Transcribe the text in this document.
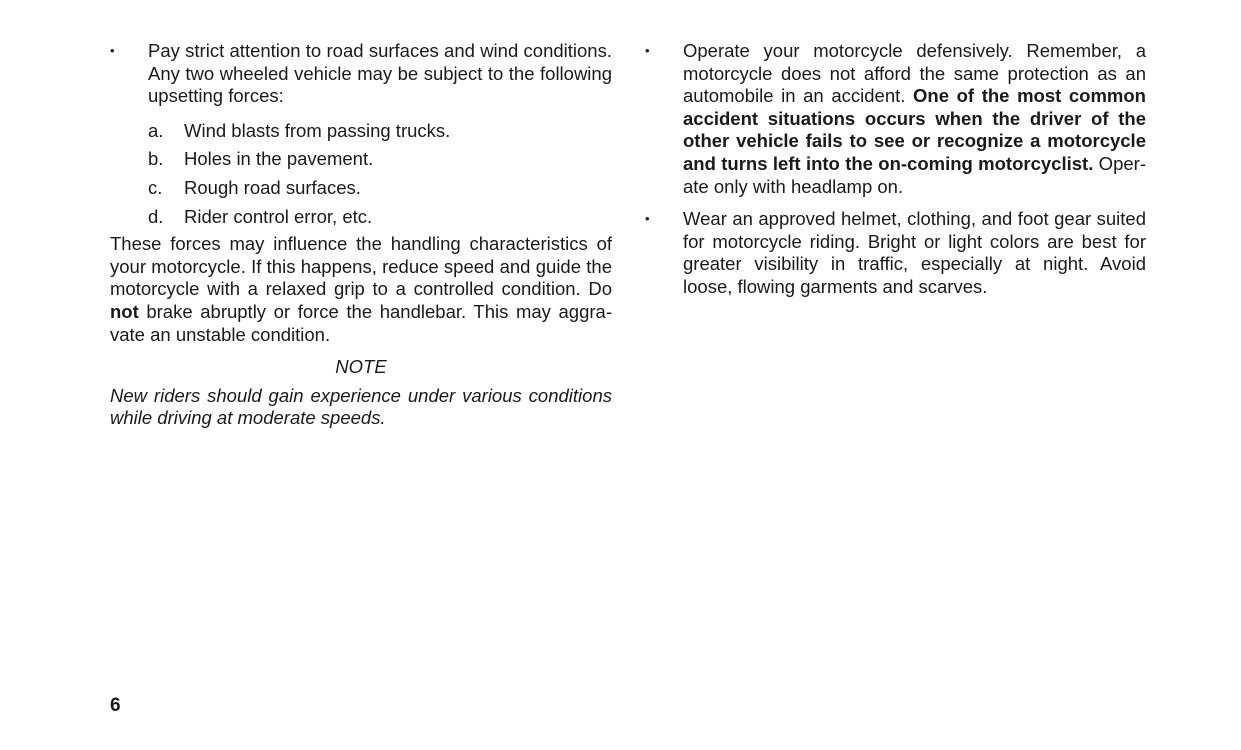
•	Pay strict attention to road surfaces and wind conditions. Any two wheeled vehicle may be subject to the following upsetting forces:
a.	Wind blasts from passing trucks.
b.	Holes in the pavement.
c.	Rough road surfaces.
d.	Rider control error, etc.
These forces may influence the handling characteristics of your motorcycle. If this happens, reduce speed and guide the motorcycle with a relaxed grip to a controlled condition. Do not brake abruptly or force the handlebar. This may aggravate an unstable condition.
NOTE
New riders should gain experience under various conditions while driving at moderate speeds.
•	Operate your motorcycle defensively. Remember, a motorcycle does not afford the same protection as an automobile in an accident. One of the most common accident situations occurs when the driver of the other vehicle fails to see or recognize a motorcycle and turns left into the on-coming motorcyclist. Operate only with headlamp on.
•	Wear an approved helmet, clothing, and foot gear suited for motorcycle riding. Bright or light colors are best for greater visibility in traffic, especially at night. Avoid loose, flowing garments and scarves.
6
